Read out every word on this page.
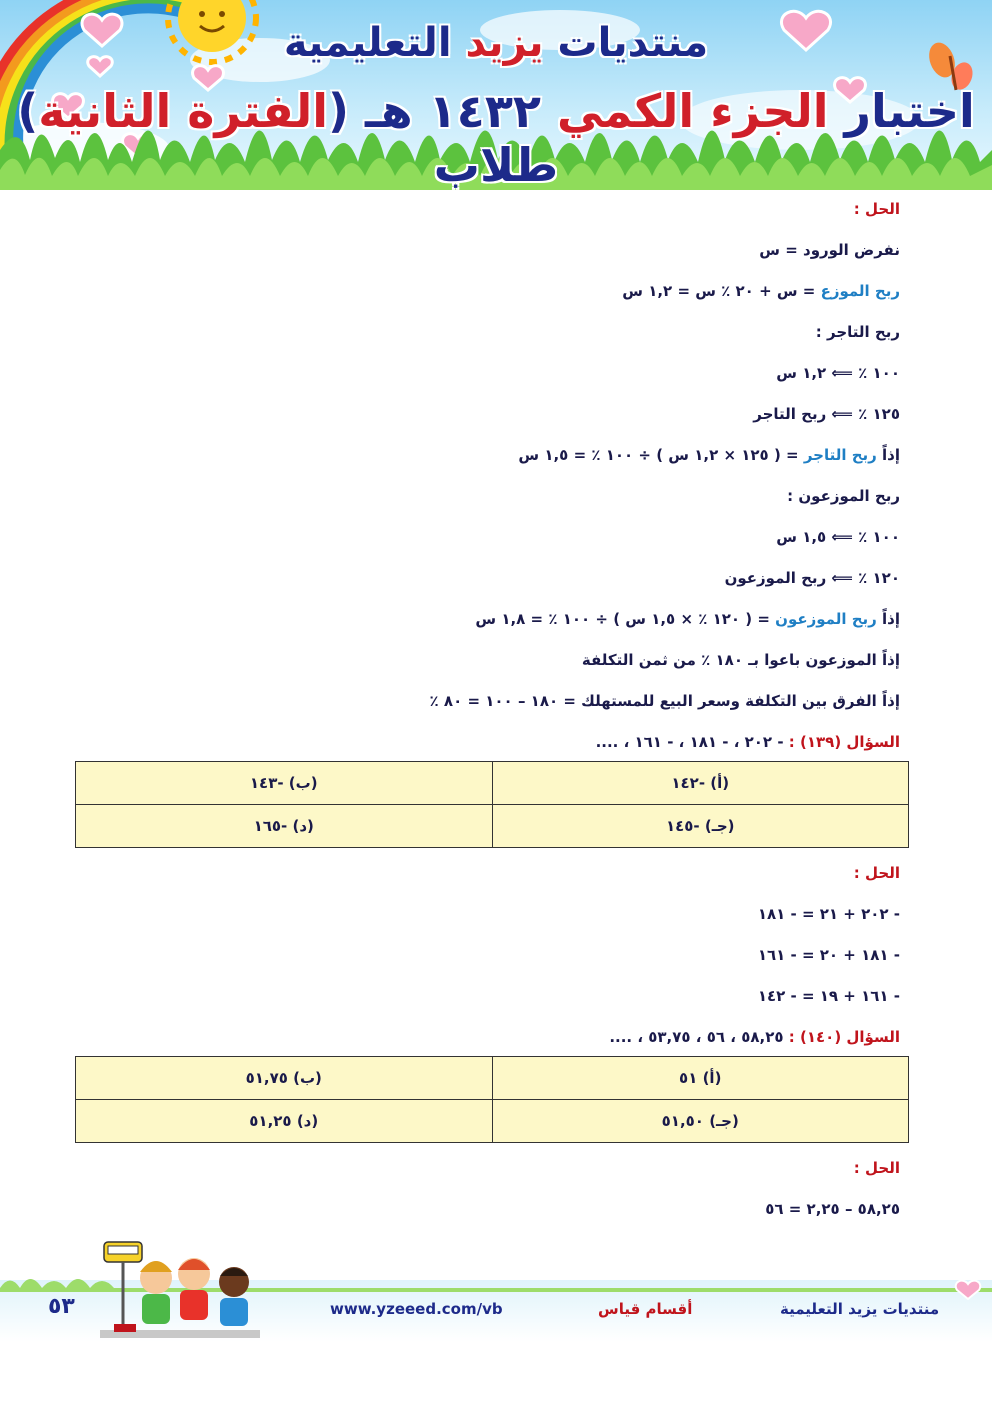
منتديات يزيد التعليمية
اختبار الجزء الكمي ١٤٣٢ هـ (الفترة الثانية) طلاب
الحل :
نفرض الورود = س
ربح الموزع = س + ٢٠ ٪ س = ١,٢ س
ربح التاجر :
١٠٠ ٪ ⟸ ١,٢ س
١٢٥ ٪ ⟸ ربح التاجر
إذاً ربح التاجر = ( ١٢٥ × ١,٢ س ) ÷ ١٠٠ ٪ = ١,٥ س
ربح الموزعون :
١٠٠ ٪ ⟸ ١,٥ س
١٢٠ ٪ ⟸ ربح الموزعون
إذاً ربح الموزعون = ( ١٢٠ ٪ × ١,٥ س ) ÷ ١٠٠ ٪ = ١,٨ س
إذاً الموزعون باعوا بـ ١٨٠ ٪ من ثمن التكلفة
إذاً الفرق بين التكلفة وسعر البيع للمستهلك = ١٨٠ – ١٠٠ = ٨٠ ٪
السؤال (١٣٩) : - ٢٠٢ ، - ١٨١ ، - ١٦١ ، ....
(أ) -١٤٢	(ب) -١٤٣
(جـ) -١٤٥	(د) -١٦٥
الحل :
- ٢٠٢ + ٢١ = - ١٨١
- ١٨١ + ٢٠ = - ١٦١
- ١٦١ + ١٩ = - ١٤٢
السؤال (١٤٠) : ٥٨,٢٥ ، ٥٦ ، ٥٣,٧٥ ، ....
(أ) ٥١	(ب) ٥١,٧٥
(جـ) ٥١,٥٠	(د) ٥١,٢٥
الحل :
٥٨,٢٥ – ٢,٢٥ = ٥٦
٥٣	www.yzeeed.com/vb	أقسام قياس	منتديات يزيد التعليمية
